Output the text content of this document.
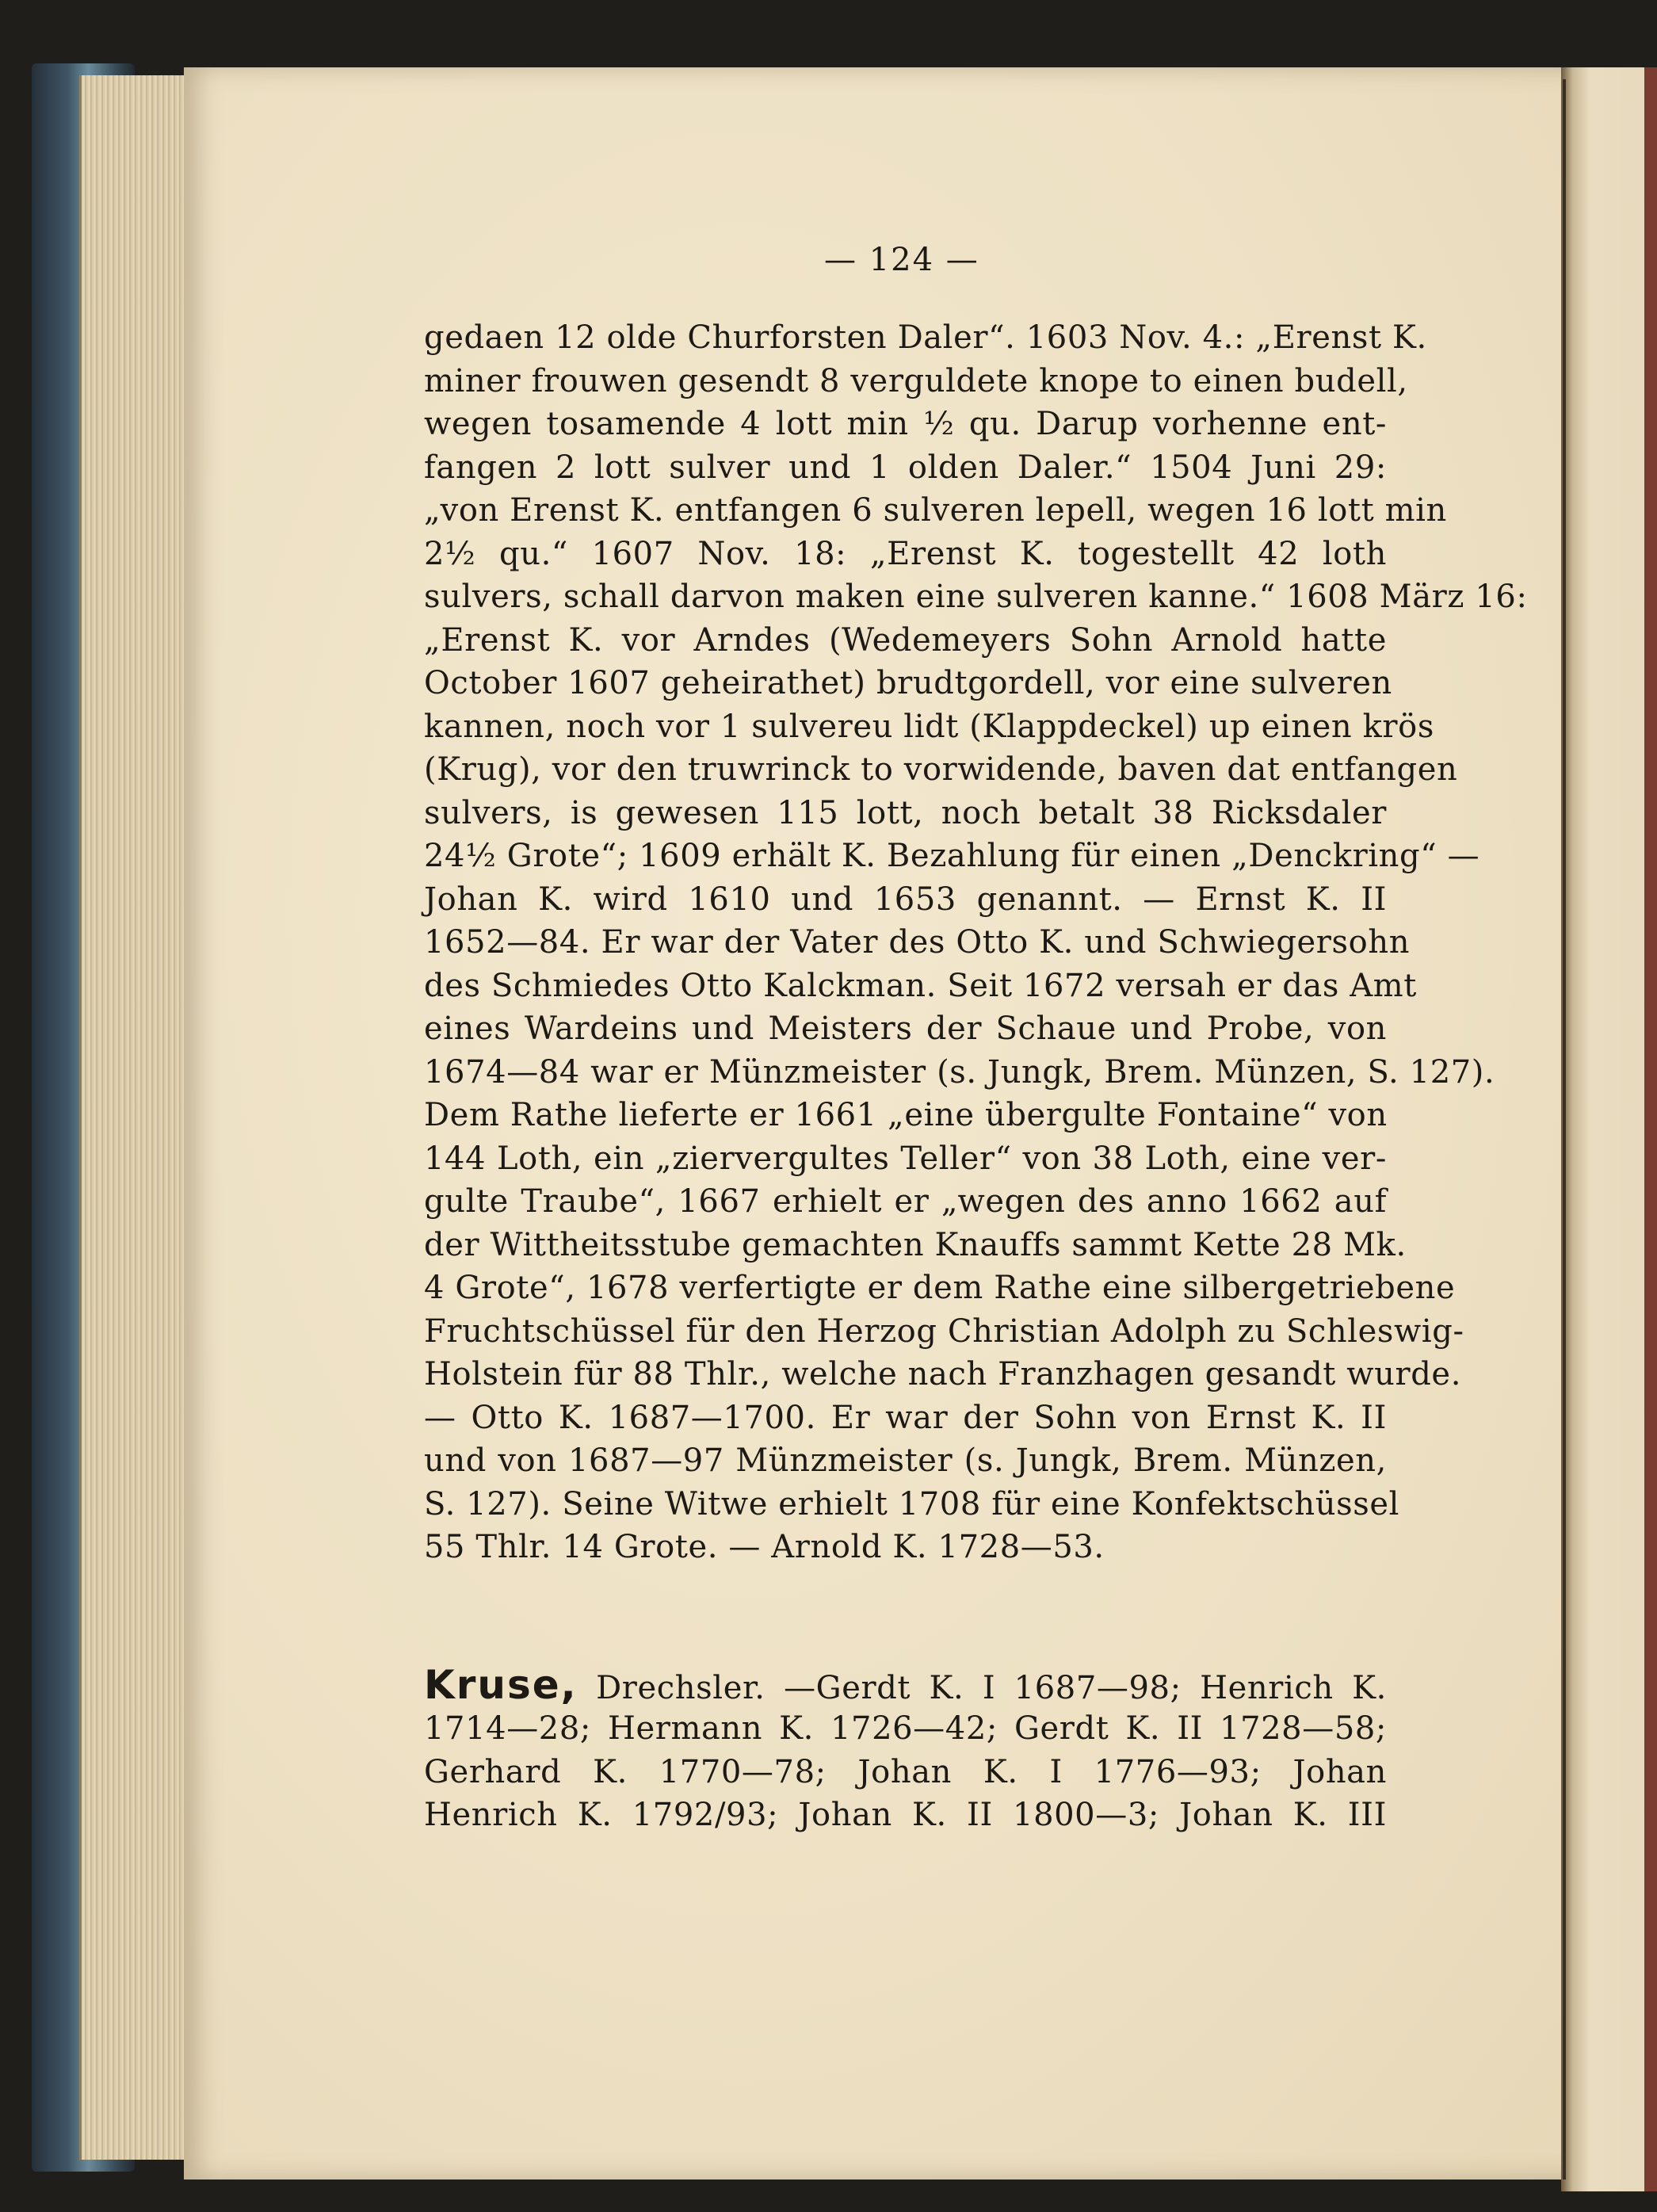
— 124 —
gedaen 12 olde Churforsten Daler“. 1603 Nov. 4.: „Erenst K.
miner frouwen gesendt 8 verguldete knope to einen budell,
wegen tosamende 4 lott min ½ qu. Darup vorhenne ent-
fangen 2 lott sulver und 1 olden Daler.“ 1504 Juni 29:
„von Erenst K. entfangen 6 sulveren lepell, wegen 16 lott min
2½ qu.“ 1607 Nov. 18: „Erenst K. togestellt 42 loth
sulvers, schall darvon maken eine sulveren kanne.“ 1608 März 16:
„Erenst K. vor Arndes (Wedemeyers Sohn Arnold hatte
October 1607 geheirathet) brudtgordell, vor eine sulveren
kannen, noch vor 1 sulvereu lidt (Klappdeckel) up einen krös
(Krug), vor den truwrinck to vorwidende, baven dat entfangen
sulvers, is gewesen 115 lott, noch betalt 38 Ricksdaler
24½ Grote“; 1609 erhält K. Bezahlung für einen „Denckring“ —
Johan K. wird 1610 und 1653 genannt. — Ernst K. II
1652—84. Er war der Vater des Otto K. und Schwiegersohn
des Schmiedes Otto Kalckman. Seit 1672 versah er das Amt
eines Wardeins und Meisters der Schaue und Probe, von
1674—84 war er Münzmeister (s. Jungk, Brem. Münzen, S. 127).
Dem Rathe lieferte er 1661 „eine übergulte Fontaine“ von
144 Loth, ein „ziervergultes Teller“ von 38 Loth, eine ver-
gulte Traube“, 1667 erhielt er „wegen des anno 1662 auf
der Wittheitsstube gemachten Knauffs sammt Kette 28 Mk.
4 Grote“, 1678 verfertigte er dem Rathe eine silbergetriebene
Fruchtschüssel für den Herzog Christian Adolph zu Schleswig-
Holstein für 88 Thlr., welche nach Franzhagen gesandt wurde.
— Otto K. 1687—1700. Er war der Sohn von Ernst K. II
und von 1687—97 Münzmeister (s. Jungk, Brem. Münzen,
S. 127). Seine Witwe erhielt 1708 für eine Konfektschüssel
55 Thlr. 14 Grote. — Arnold K. 1728—53.
Kruse, Drechsler. —Gerdt K. I 1687—98; Henrich K.
1714—28; Hermann K. 1726—42; Gerdt K. II 1728—58;
Gerhard K. 1770—78; Johan K. I 1776—93; Johan
Henrich K. 1792/93; Johan K. II 1800—3; Johan K. III
